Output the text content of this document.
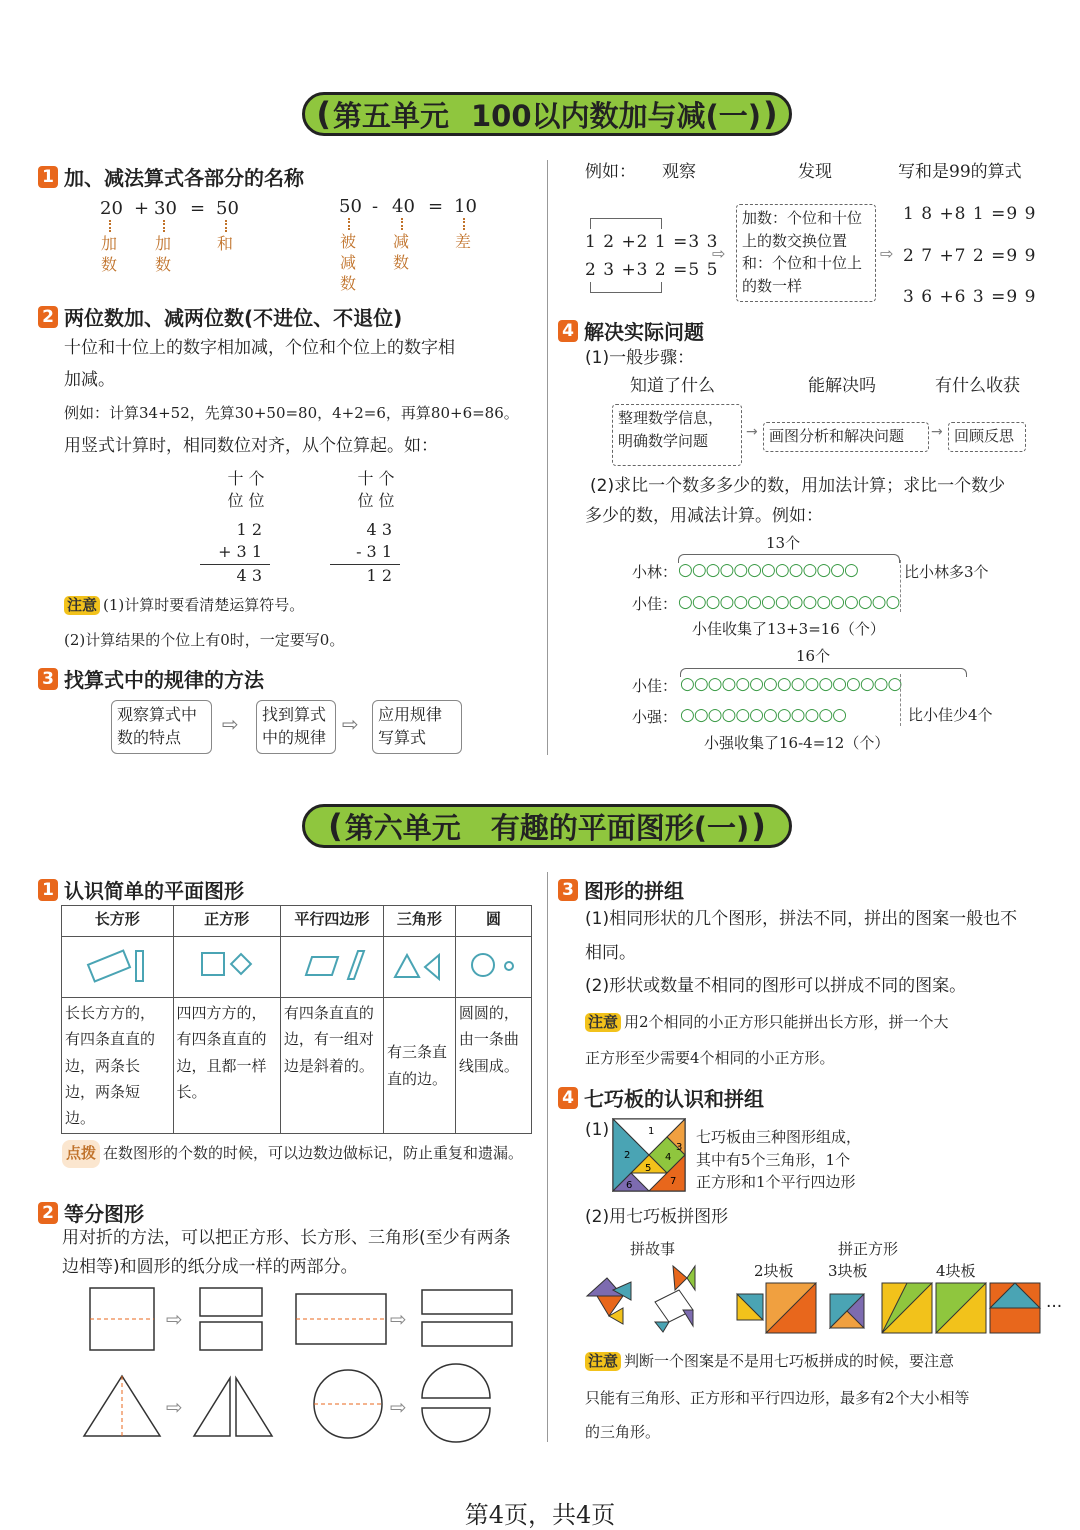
( 第五单元 100以内数加与减(一) )
1 加、减法算式各部分的名称
20 + 30 = 50
加数
加数
和
50 - 40 = 10
被减数
减数
差
2 两位数加、减两位数(不进位、不退位)
十位和十位上的数字相加减，个位和个位上的数字相
加减。
例如：计算34+52，先算30+50=80，4+2=6，再算80+6=86。
用竖式计算时，相同数位对齐，从个位算起。如：
十 个
位 位
1 2
+ 3 1
4 3
十 个
位 位
4 3
- 3 1
1 2
注意 (1)计算时要看清楚运算符号。
(2)计算结果的个位上有0时，一定要写0。
3 找算式中的规律的方法
观察算式中数的特点
⇨	找到算式中的规律
⇨	应用规律写算式
例如： 观察	发现	写和是99的算式
1 2 +2 1 =3 3
2 3 +3 2 =5 5
⇨
加数：个位和十位上的数交换位置和：个位和十位上的数一样
⇨
1 8 +8 1 =9 9
2 7 +7 2 =9 9
3 6 +6 3 =9 9
4 解决实际问题
(1)一般步骤：
知道了什么	能解决吗	有什么收获
整理数学信息，明确数学问题	→ 画图分析和解决问题	→ 回顾反思
(2)求比一个数多多少的数，用加法计算；求比一个数少
多少的数，用减法计算。例如：
13个
小林： ○○○○○○○○○○○○○	比小林多3个
小佳： ○○○○○○○○○○○○○○○○
小佳收集了13+3=16（个）
16个
小佳： ○○○○○○○○○○○○○○○○
小强： ○○○○○○○○○○○○	比小佳少4个
小强收集了16-4=12（个）
( 第六单元 有趣的平面图形(一) )
1 认识简单的平面图形
长方形	正方形	平行四边形	三角形	圆

长长方方的，有四条直直的边，两条长边，两条短边。	四四方方的，有四条直直的边，且都一样长。	有四条直直的边，有一组对边是斜着的。	有三条直直的边。	圆圆的，由一条曲线围成。
点拨 在数图形的个数的时候，可以边数边做标记，防止重复和遗漏。
2 等分图形
用对折的方法，可以把正方形、长方形、三角形(至少有两条
边相等)和圆形的纸分成一样的两部分。
⇨	⇨
⇨	⇨
3 图形的拼组
(1)相同形状的几个图形，拼法不同，拼出的图案一般也不
相同。
(2)形状或数量不相同的图形可以拼成不同的图案。
注意 用2个相同的小正方形只能拼出长方形，拼一个大
正方形至少需要4个相同的小正方形。
4 七巧板的认识和拼组
(1)	1
2
3
4
5
6	7
七巧板由三种图形组成，
其中有5个三角形，1个
正方形和1个平行四边形
(2)用七巧板拼图形
拼故事	拼正方形
2块板 3块板	4块板
...
注意 判断一个图案是不是用七巧板拼成的时候，要注意
只能有三角形、正方形和平行四边形，最多有2个大小相等
的三角形。
第4页，共4页
